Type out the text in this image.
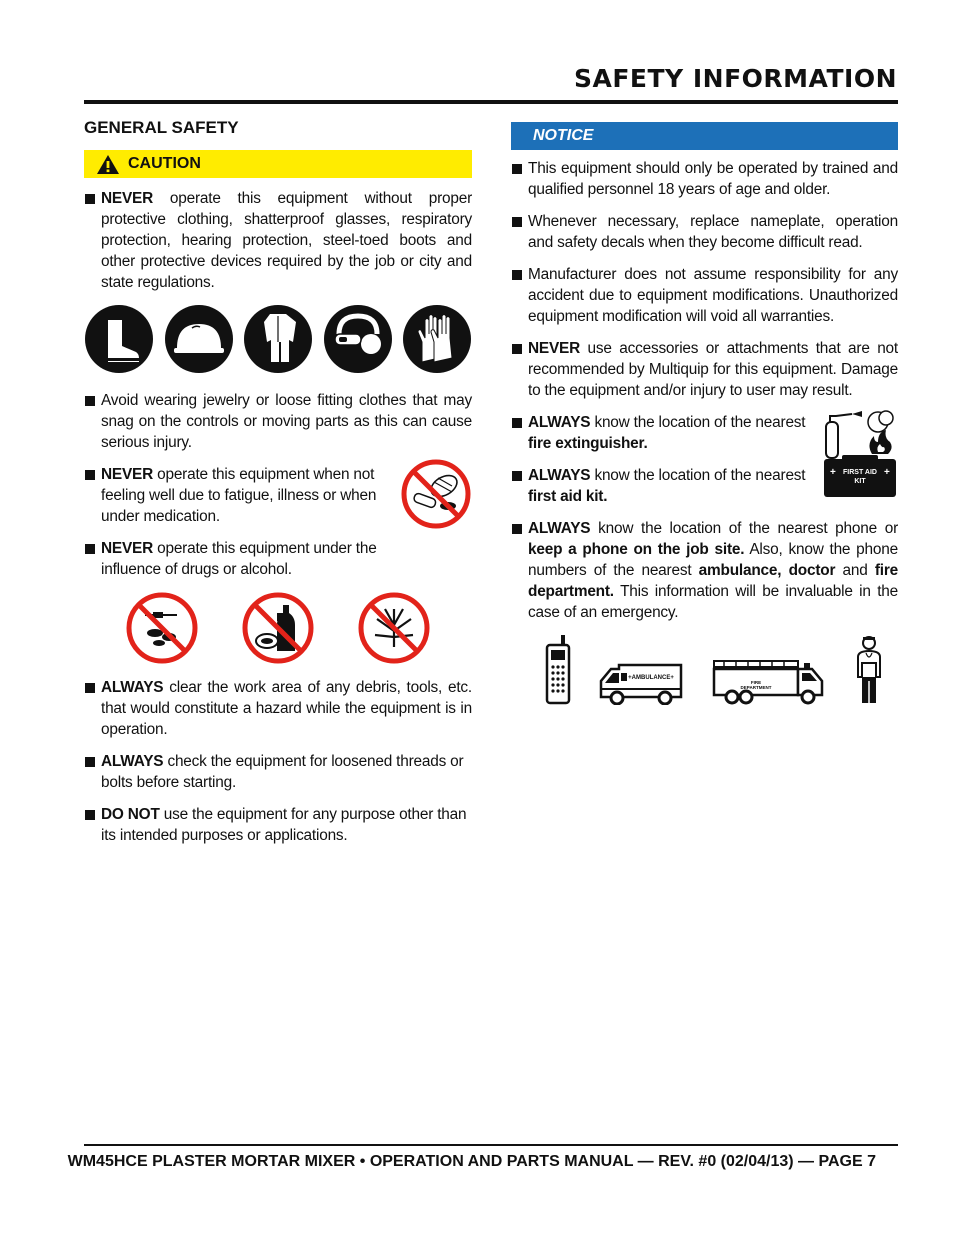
SAFETY INFORMATION
GENERAL SAFETY
CAUTION
NEVER operate this equipment without proper protective clothing, shatterproof glasses, respiratory protection, hearing protection, steel-toed boots and other protective devices required by the job or city and state regulations.
Avoid wearing jewelry or loose fitting clothes that may snag on the controls or moving parts as this can cause serious injury.
NEVER operate this equipment when not feeling well due to fatigue, illness or when under medication.
NEVER operate this equipment under the influence of drugs or alcohol.
ALWAYS clear the work area of any debris, tools, etc. that would constitute a hazard while the equipment is in operation.
ALWAYS check the equipment for loosened threads or bolts before starting.
DO NOT use the equipment for any purpose other than its intended purposes or applications.
NOTICE
This equipment should only be operated by trained and qualified personnel 18 years of age and older.
Whenever necessary, replace nameplate, operation and safety decals when they become difficult read.
Manufacturer does not assume responsibility for any accident due to equipment modifications. Unauthorized equipment modification will void all warranties.
NEVER use accessories or attachments that are not recommended by Multiquip for this equipment. Damage to the equipment and/or injury to user may result.
ALWAYS know the location of the nearest fire extinguisher.
ALWAYS know the location of the nearest first aid kit.
+	+
FIRST AID
KIT
ALWAYS know the location of the nearest phone or keep a phone on the job site. Also, know the phone numbers of the nearest ambulance, doctor and fire department. This information will be invaluable in the case of an emergency.
+AMBULANCE+
FIRE
DEPARTMENT
WM45HCE PLASTER MORTAR MIXER • OPERATION AND PARTS MANUAL — REV. #0 (02/04/13) — PAGE 7
